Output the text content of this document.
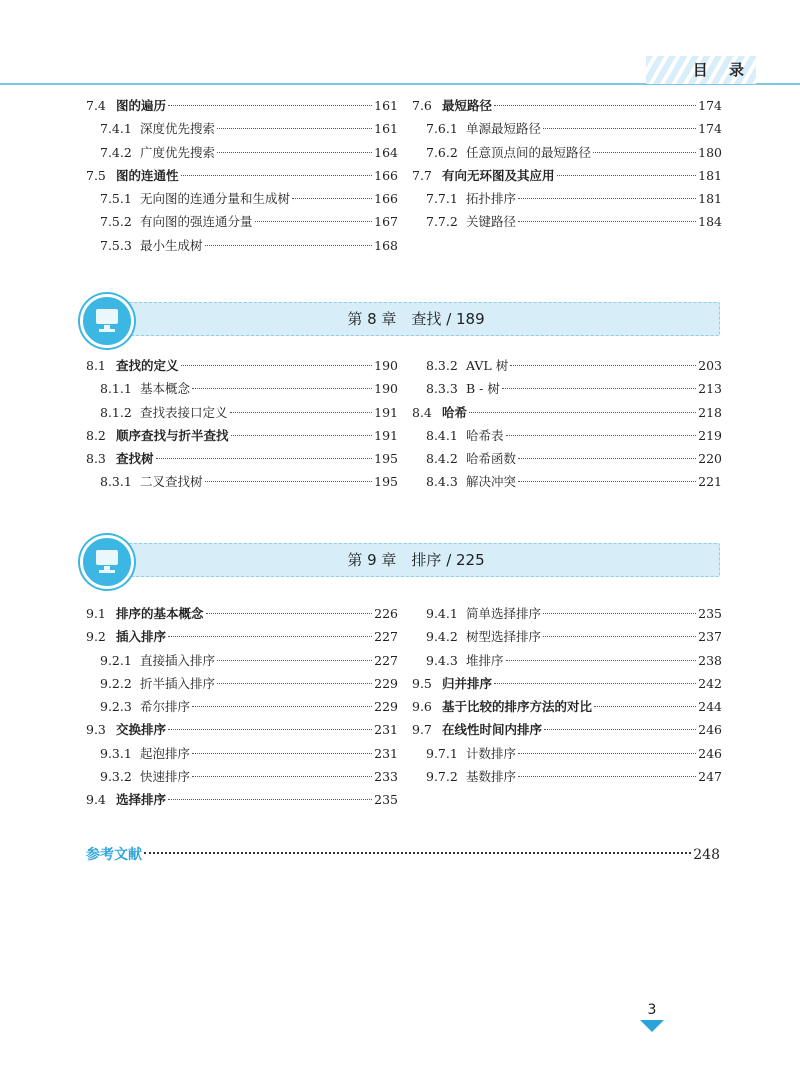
目 录
7.4 图的遍历	161
7.4.1 深度优先搜索	161
7.4.2 广度优先搜索	164
7.5 图的连通性	166
7.5.1 无向图的连通分量和生成树	166
7.5.2 有向图的强连通分量	167
7.5.3 最小生成树	168
7.6 最短路径	174
7.6.1 单源最短路径	174
7.6.2 任意顶点间的最短路径	180
7.7 有向无环图及其应用	181
7.7.1 拓扑排序	181
7.7.2 关键路径	184
第 8 章　查找 / 189
8.1 查找的定义	190
8.1.1 基本概念	190
8.1.2 查找表接口定义	191
8.2 顺序查找与折半查找	191
8.3 查找树	195
8.3.1 二叉查找树	195
8.3.2 AVL 树	203
8.3.3 B - 树	213
8.4 哈希	218
8.4.1 哈希表	219
8.4.2 哈希函数	220
8.4.3 解决冲突	221
第 9 章　排序 / 225
9.1 排序的基本概念	226
9.2 插入排序	227
9.2.1 直接插入排序	227
9.2.2 折半插入排序	229
9.2.3 希尔排序	229
9.3 交换排序	231
9.3.1 起泡排序	231
9.3.2 快速排序	233
9.4 选择排序	235
9.4.1 简单选择排序	235
9.4.2 树型选择排序	237
9.4.3 堆排序	238
9.5 归并排序	242
9.6 基于比较的排序方法的对比	244
9.7 在线性时间内排序	246
9.7.1 计数排序	246
9.7.2 基数排序	247
参考文献	248
3
